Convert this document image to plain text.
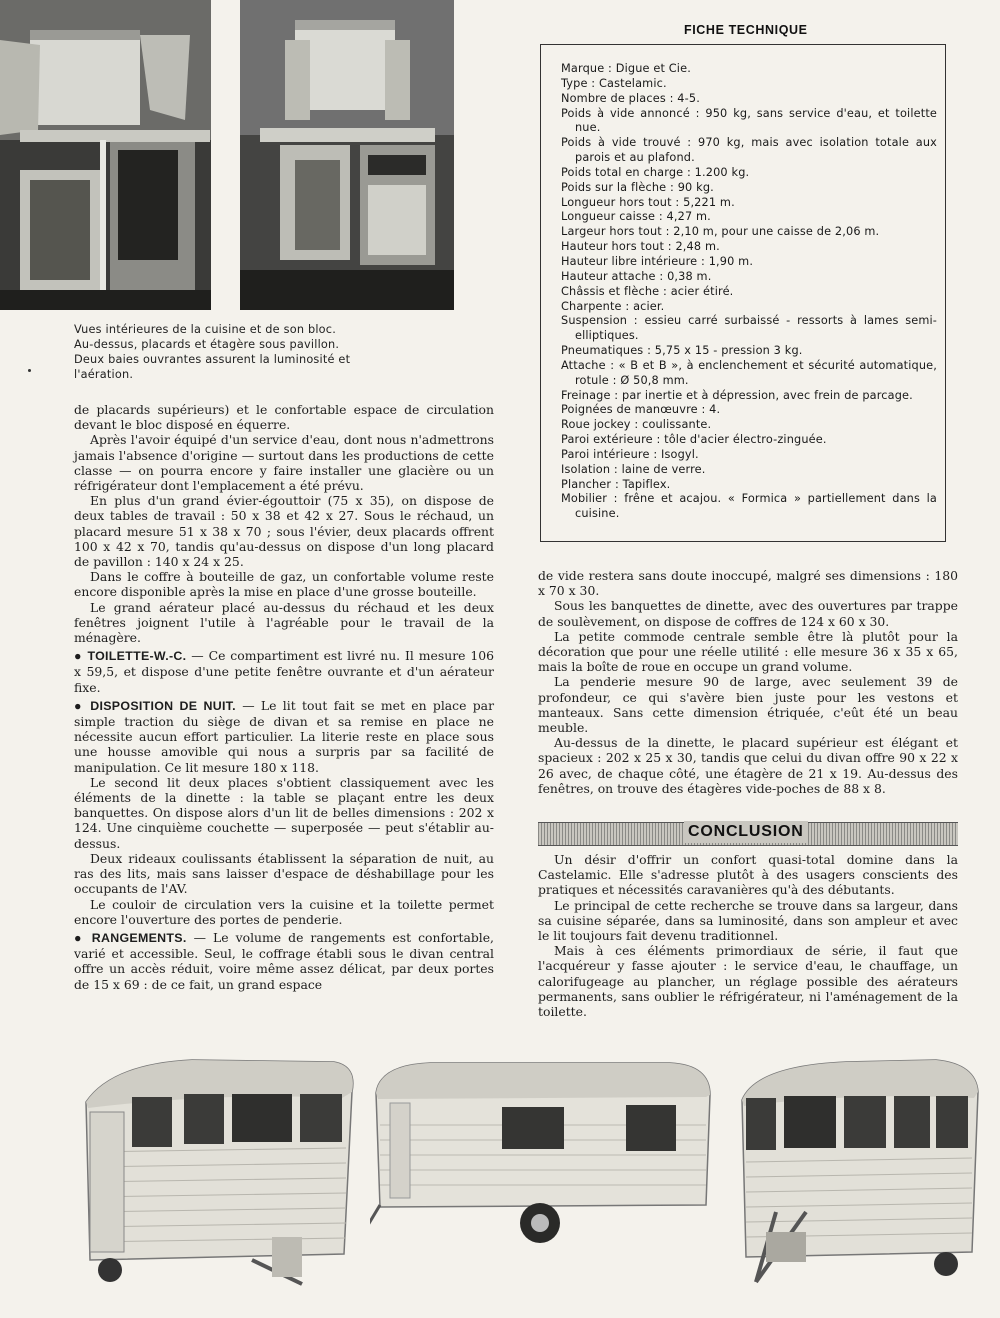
Vues intérieures de la cuisine et de son bloc.
Au-dessus, placards et étagère sous pavillon.
Deux baies ouvrantes assurent la luminosité et
l'aération.

de placards supérieurs) et le confortable espace de circulation devant le bloc disposé en équerre.

Après l'avoir équipé d'un service d'eau, dont nous n'admettrons jamais l'absence d'origine — surtout dans les productions de cette classe — on pourra encore y faire installer une glacière ou un réfrigérateur dont l'emplacement a été prévu.

En plus d'un grand évier-égouttoir (75 x 35), on dispose de deux tables de travail : 50 x 38 et 42 x 27. Sous le réchaud, un placard mesure 51 x 38 x 70 ; sous l'évier, deux placards offrent 100 x 42 x 70, tandis qu'au-dessus on dispose d'un long placard de pavillon : 140 x 24 x 25.

Dans le coffre à bouteille de gaz, un confortable volume reste encore disponible après la mise en place d'une grosse bouteille.

Le grand aérateur placé au-dessus du réchaud et les deux fenêtres joignent l'utile à l'agréable pour le travail de la ménagère.

● TOILETTE-W.-C. — Ce compartiment est livré nu. Il mesure 106 x 59,5, et dispose d'une petite fenêtre ouvrante et d'un aérateur fixe.

● DISPOSITION DE NUIT. — Le lit tout fait se met en place par simple traction du siège de divan et sa remise en place ne nécessite aucun effort particulier. La literie reste en place sous une housse amovible qui nous a surpris par sa facilité de manipulation. Ce lit mesure 180 x 118.

Le second lit deux places s'obtient classiquement avec les éléments de la dinette : la table se plaçant entre les deux banquettes. On dispose alors d'un lit de belles dimensions : 202 x 124. Une cinquième couchette — superposée — peut s'établir au-dessus.

Deux rideaux coulissants établissent la séparation de nuit, au ras des lits, mais sans laisser d'espace de déshabillage pour les occupants de l'AV.

Le couloir de circulation vers la cuisine et la toilette permet encore l'ouverture des portes de penderie.

● RANGEMENTS. — Le volume de rangements est confortable, varié et accessible. Seul, le coffrage établi sous le divan central offre un accès réduit, voire même assez délicat, par deux portes de 15 x 69 : de ce fait, un grand espace

FICHE TECHNIQUE
Marque : Digue et Cie.
Type : Castelamic.
Nombre de places : 4-5.
Poids à vide annoncé : 950 kg, sans service d'eau, et toilette nue.
Poids à vide trouvé : 970 kg, mais avec isolation totale aux parois et au plafond.
Poids total en charge : 1.200 kg.
Poids sur la flèche : 90 kg.
Longueur hors tout : 5,221 m.
Longueur caisse : 4,27 m.
Largeur hors tout : 2,10 m, pour une caisse de 2,06 m.
Hauteur hors tout : 2,48 m.
Hauteur libre intérieure : 1,90 m.
Hauteur attache : 0,38 m.
Châssis et flèche : acier étiré.
Charpente : acier.
Suspension : essieu carré surbaissé - ressorts à lames semi-elliptiques.
Pneumatiques : 5,75 x 15 - pression 3 kg.
Attache : « B et B », à enclenchement et sécurité automatique, rotule : Ø 50,8 mm.
Freinage : par inertie et à dépression, avec frein de parcage.
Poignées de manœuvre : 4.
Roue jockey : coulissante.
Paroi extérieure : tôle d'acier électro-zinguée.
Paroi intérieure : Isogyl.
Isolation : laine de verre.
Plancher : Tapiflex.
Mobilier : frêne et acajou. « Formica » partiellement dans la cuisine.

de vide restera sans doute inoccupé, malgré ses dimensions : 180 x 70 x 30.

Sous les banquettes de dinette, avec des ouvertures par trappe de soulèvement, on dispose de coffres de 124 x 60 x 30.

La petite commode centrale semble être là plutôt pour la décoration que pour une réelle utilité : elle mesure 36 x 35 x 65, mais la boîte de roue en occupe un grand volume.

La penderie mesure 90 de large, avec seulement 39 de profondeur, ce qui s'avère bien juste pour les vestons et manteaux. Sans cette dimension étriquée, c'eût été un beau meuble.

Au-dessus de la dinette, le placard supérieur est élégant et spacieux : 202 x 25 x 30, tandis que celui du divan offre 90 x 22 x 26 avec, de chaque côté, une étagère de 21 x 19. Au-dessus des fenêtres, on trouve des étagères vide-poches de 88 x 8.

CONCLUSION

Un désir d'offrir un confort quasi-total domine dans la Castelamic. Elle s'adresse plutôt à des usagers conscients des pratiques et nécessités caravanières qu'à des débutants.

Le principal de cette recherche se trouve dans sa largeur, dans sa cuisine séparée, dans sa luminosité, dans son ampleur et avec le lit toujours fait devenu traditionnel.

Mais à ces éléments primordiaux de série, il faut que l'acquéreur y fasse ajouter : le service d'eau, le chauffage, un calorifugeage au plancher, un réglage possible des aérateurs permanents, sans oublier le réfrigérateur, ni l'aménagement de la toilette.
